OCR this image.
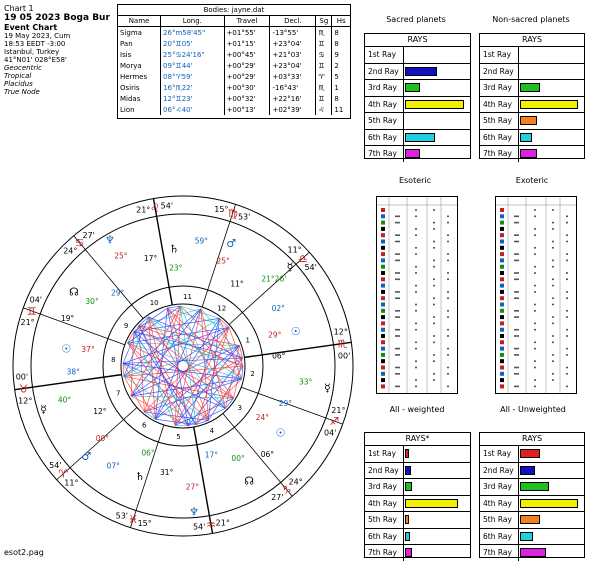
Chart 1
19 05 2023 Boga Bur
Event Chart
19 May 2023, Cum
18:53 EEDT -3:00
Istanbul, Turkey
41°N01' 028°E58'
Geocentric
Tropical
Placidus
True Node
Bodies: jayne.dat
Name	Long.	Travel	Decl.	Sg	Hs
Sigma	26°m58'45"	+01°55'	-13°55'	♏	8
Pan	20°♊05'	+01°15'	+23°04'	♊	8
Isis	25°♋24'16"	+00°45'	+21°03'	♋	9
Morya	09°♊44'	+00°29'	+23°04'	♊	2
Hermes	08°♈59'	+00°29'	+03°33'	♈	5
Osiris	16°♏22'	+00°30'	-16°43'	♏	1
Midas	12°♊23'	+00°32'	+22°16'	♊	8
Lion	06°♌40'	+00°13'	+02°39'	♌	11
Sacred planets
RAYS
1st Ray
2nd Ray
3rd Ray
4th Ray
5th Ray
6th Ray
7th Ray
Non-sacred planets
RAYS
1st Ray
2nd Ray
3rd Ray
4th Ray
5th Ray
6th Ray
7th Ray
Esoteric	Exoteric
All - weighted	All - Unweighted
RAYS*
1st Ray
2nd Ray
3rd Ray
4th Ray
5th Ray
6th Ray
7th Ray
RAYS
1st Ray
2nd Ray
3rd Ray
4th Ray
5th Ray
6th Ray
7th Ray
10
11
12
1
2
3
4
5
6
7
8
9
21° ♌ 54'	15° ♍ 53'
11°
♎
54'
12°
♏
00'
21°
♐
04'
24°
♑
27'
21°
♒
54'
15°
♓
53'
11°
♈
54'
12°
♉
00'
21°
♊
04'
24°
♋
27'
29° ☉
02°
21°26'
☿
11°
25°
♂
59°
23°
♄
17°
25°
♆
29°
30°
☊
19°
37°
☉
38°
40°
☿	12°
00°
♂
07°
06°
♄ 31°
27°
♆
17° 00°
☊
06°
24°
☉
29°
33° ☿
06°
esot2.pag
